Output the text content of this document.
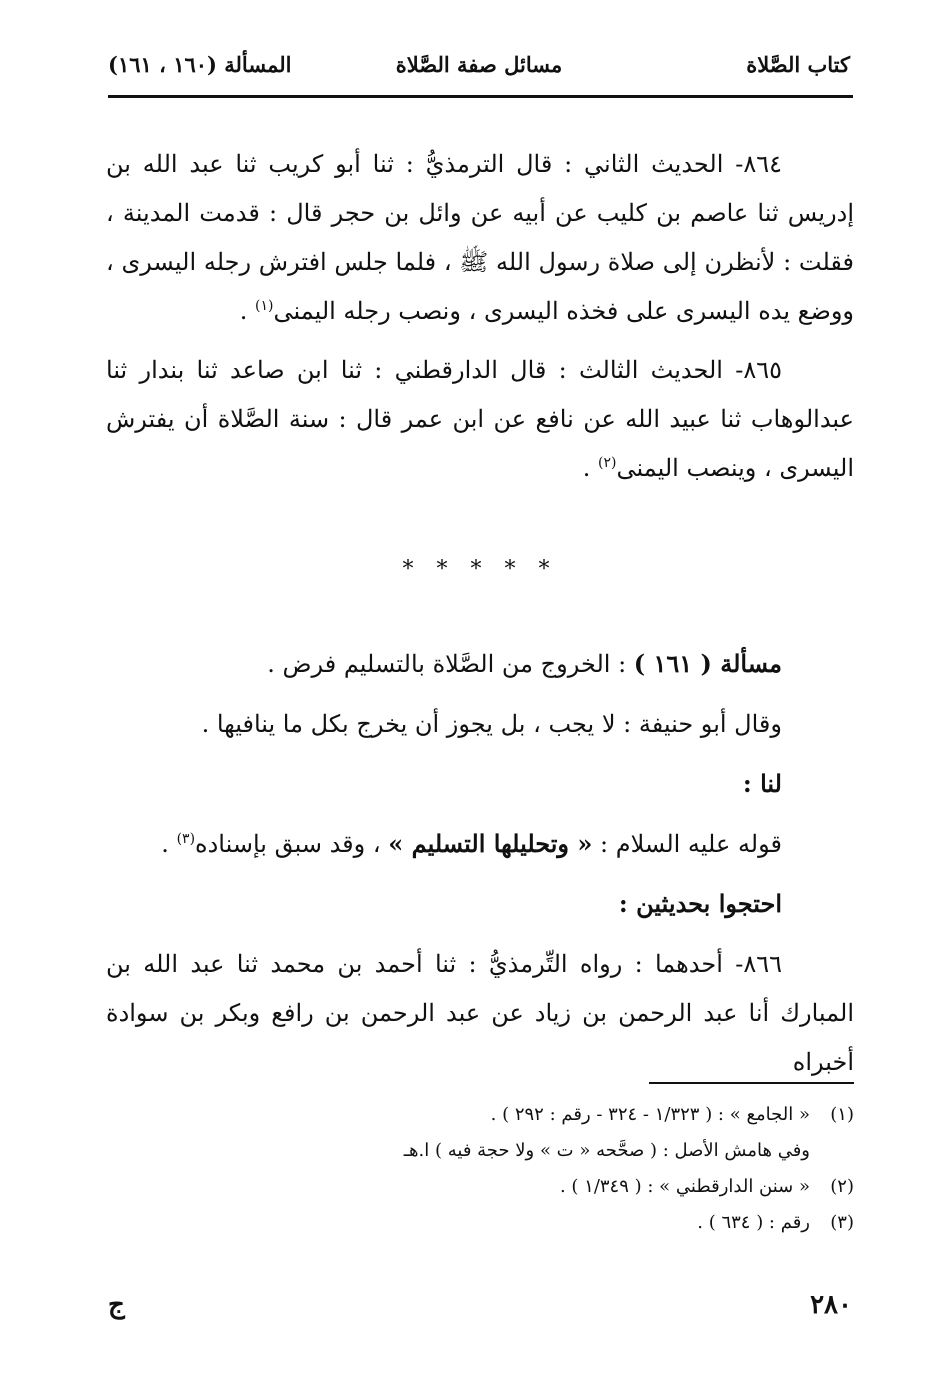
كتاب الصَّلاة
مسائل صفة الصَّلاة
المسألة (١٦٠ ، ١٦١)

٨٦٤- الحديث الثاني : قال الترمذيُّ : ثنا أبو كريب ثنا عبد الله بن إدريس ثنا عاصم بن كليب عن أبيه عن وائل بن حجر قال : قدمت المدينة ، فقلت : لأنظرن إلى صلاة رسول الله ﷺ ، فلما جلس افترش رجله اليسرى ، ووضع يده اليسرى على فخذه اليسرى ، ونصب رجله اليمنى$^{(١)}$ .

٨٦٥- الحديث الثالث : قال الدارقطني : ثنا ابن صاعد ثنا بندار ثنا عبدالوهاب ثنا عبيد الله عن نافع عن ابن عمر قال : سنة الصَّلاة أن يفترش اليسرى ، وينصب اليمنى$^{(٢)}$ .

* * * * *

مسألة ( ١٦١ ) : الخروج من الصَّلاة بالتسليم فرض .

وقال أبو حنيفة : لا يجب ، بل يجوز أن يخرج بكل ما ينافيها .

لنا :

قوله عليه السلام : « وتحليلها التسليم » ، وقد سبق بإسناده$^{(٣)}$ .

احتجوا بحديثين :

٨٦٦- أحدهما : رواه التِّرمذيُّ : ثنا أحمد بن محمد ثنا عبد الله بن المبارك أنا عبد الرحمن بن زياد عن عبد الرحمن بن رافع وبكر بن سوادة أخبراه

(١)« الجامع » : ( ١/٣٢٣ - ٣٢٤ - رقم : ٢٩٢ ) .

وفي هامش الأصل : ( صحَّحه « ت » ولا حجة فيه ) ا.هـ

(٢)« سنن الدارقطني » : ( ١/٣٤٩ ) .

(٣)رقم : ( ٦٣٤ ) .

٢٨٠
ج
